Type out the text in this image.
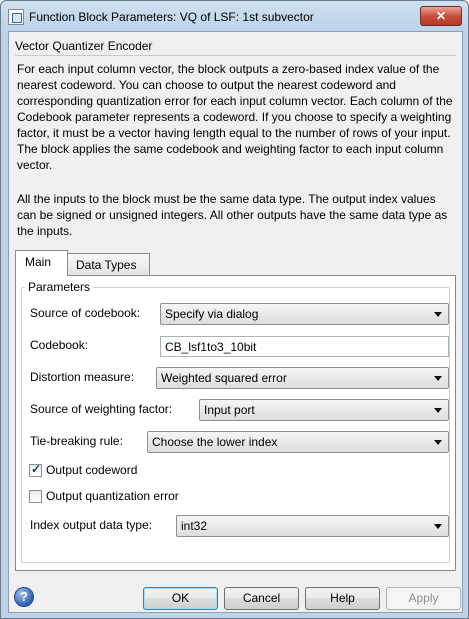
Function Block Parameters: VQ of LSF: 1st subvector	✕
Vector Quantizer Encoder
For each input column vector, the block outputs a zero-based index value of the nearest codeword. You can choose to output the nearest codeword and corresponding quantization error for each input column vector. Each column of the Codebook parameter represents a codeword. If you choose to specify a weighting factor, it must be a vector having length equal to the number of rows of your input. The block applies the same codebook and weighting factor to each input column vector.
All the inputs to the block must be the same data type. The output index values can be signed or unsigned integers. All other outputs have the same data type as the inputs.
Main	Data Types
Parameters
Source of codebook: Specify via dialog
Codebook:
CB_lsf1to3_10bit
Distortion measure: Weighted squared error
Source of weighting factor:	Input port
Tie-breaking rule: Choose the lower index
✓ Output codeword
Output quantization error
Index output data type: int32
?	OK	Cancel	Help	Apply
